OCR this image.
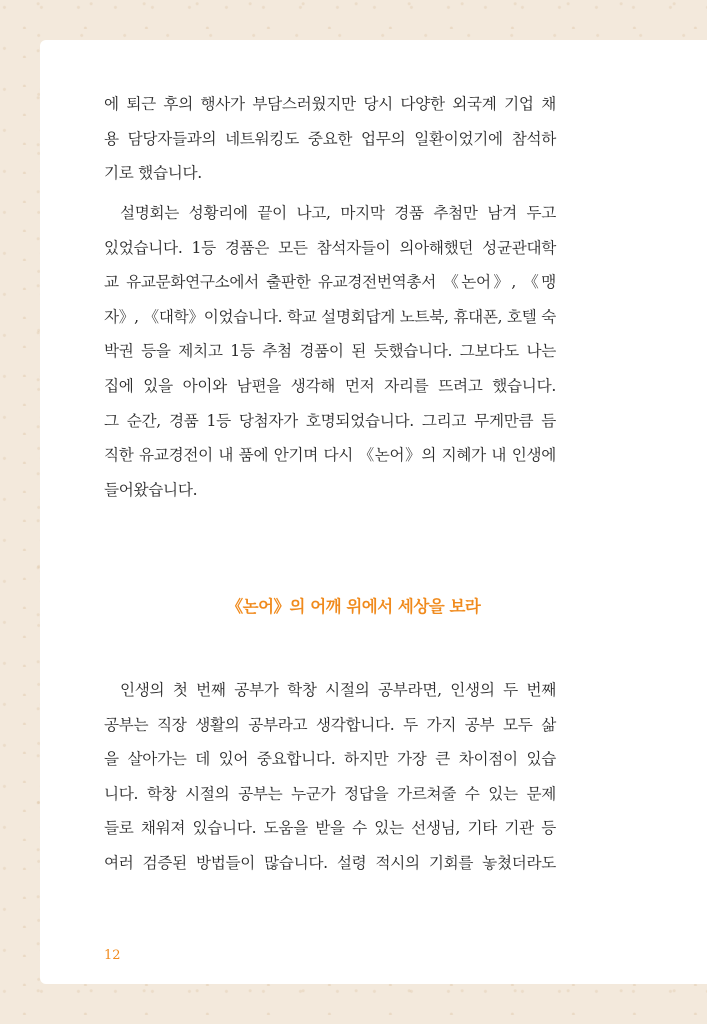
에 퇴근 후의 행사가 부담스러웠지만 당시 다양한 외국계 기업 채
용 담당자들과의 네트워킹도 중요한 업무의 일환이었기에 참석하
기로 했습니다.
설명회는 성황리에 끝이 나고, 마지막 경품 추첨만 남겨 두고
있었습니다. 1등 경품은 모든 참석자들이 의아해했던 성균관대학
교 유교문화연구소에서 출판한 유교경전번역총서 《논어》, 《맹
자》, 《대학》이었습니다. 학교 설명회답게 노트북, 휴대폰, 호텔 숙
박권 등을 제치고 1등 추첨 경품이 된 듯했습니다. 그보다도 나는
집에 있을 아이와 남편을 생각해 먼저 자리를 뜨려고 했습니다.
그 순간, 경품 1등 당첨자가 호명되었습니다. 그리고 무게만큼 듬
직한 유교경전이 내 품에 안기며 다시 《논어》의 지혜가 내 인생에
들어왔습니다.
《논어》의 어깨 위에서 세상을 보라
인생의 첫 번째 공부가 학창 시절의 공부라면, 인생의 두 번째
공부는 직장 생활의 공부라고 생각합니다. 두 가지 공부 모두 삶
을 살아가는 데 있어 중요합니다. 하지만 가장 큰 차이점이 있습
니다. 학창 시절의 공부는 누군가 정답을 가르쳐줄 수 있는 문제
들로 채워져 있습니다. 도움을 받을 수 있는 선생님, 기타 기관 등
여러 검증된 방법들이 많습니다. 설령 적시의 기회를 놓쳤더라도
12
